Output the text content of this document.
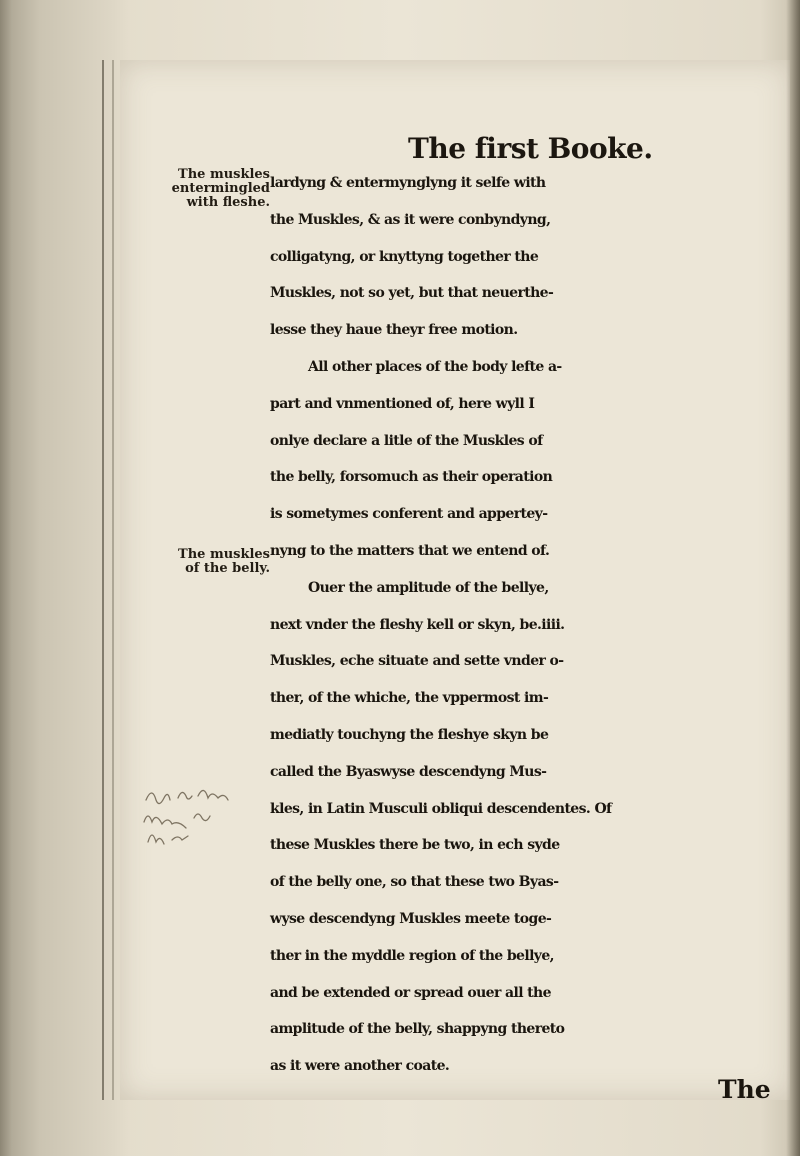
The first Booke.
The muskles
entermingled
with fleshe.
The muskles
of the belly.
lardyng & entermynglyng it selfe with
the Muskles, & as it were conbyndyng,
colligatyng, or knyttyng together the
Muskles, not so yet, but that neuerthe-
lesse they haue theyr free motion.
All other places of the body lefte a-
part and vnmentioned of, here wyll I
onlye declare a litle of the Muskles of
the belly, forsomuch as their operation
is sometymes conferent and appertey-
nyng to the matters that we entend of.
Ouer the amplitude of the bellye,
next vnder the fleshy kell or skyn, be.iiii.
Muskles, eche situate and sette vnder o-
ther, of the whiche, the vppermost im-
mediatly touchyng the fleshye skyn be
called the Byaswyse descendyng Mus-
kles, in Latin Musculi obliqui descendentes. Of
these Muskles there be two, in ech syde
of the belly one, so that these two Byas-
wyse descendyng Muskles meete toge-
ther in the myddle region of the bellye,
and be extended or spread ouer all the
amplitude of the belly, shappyng thereto
as it were another coate.
The
